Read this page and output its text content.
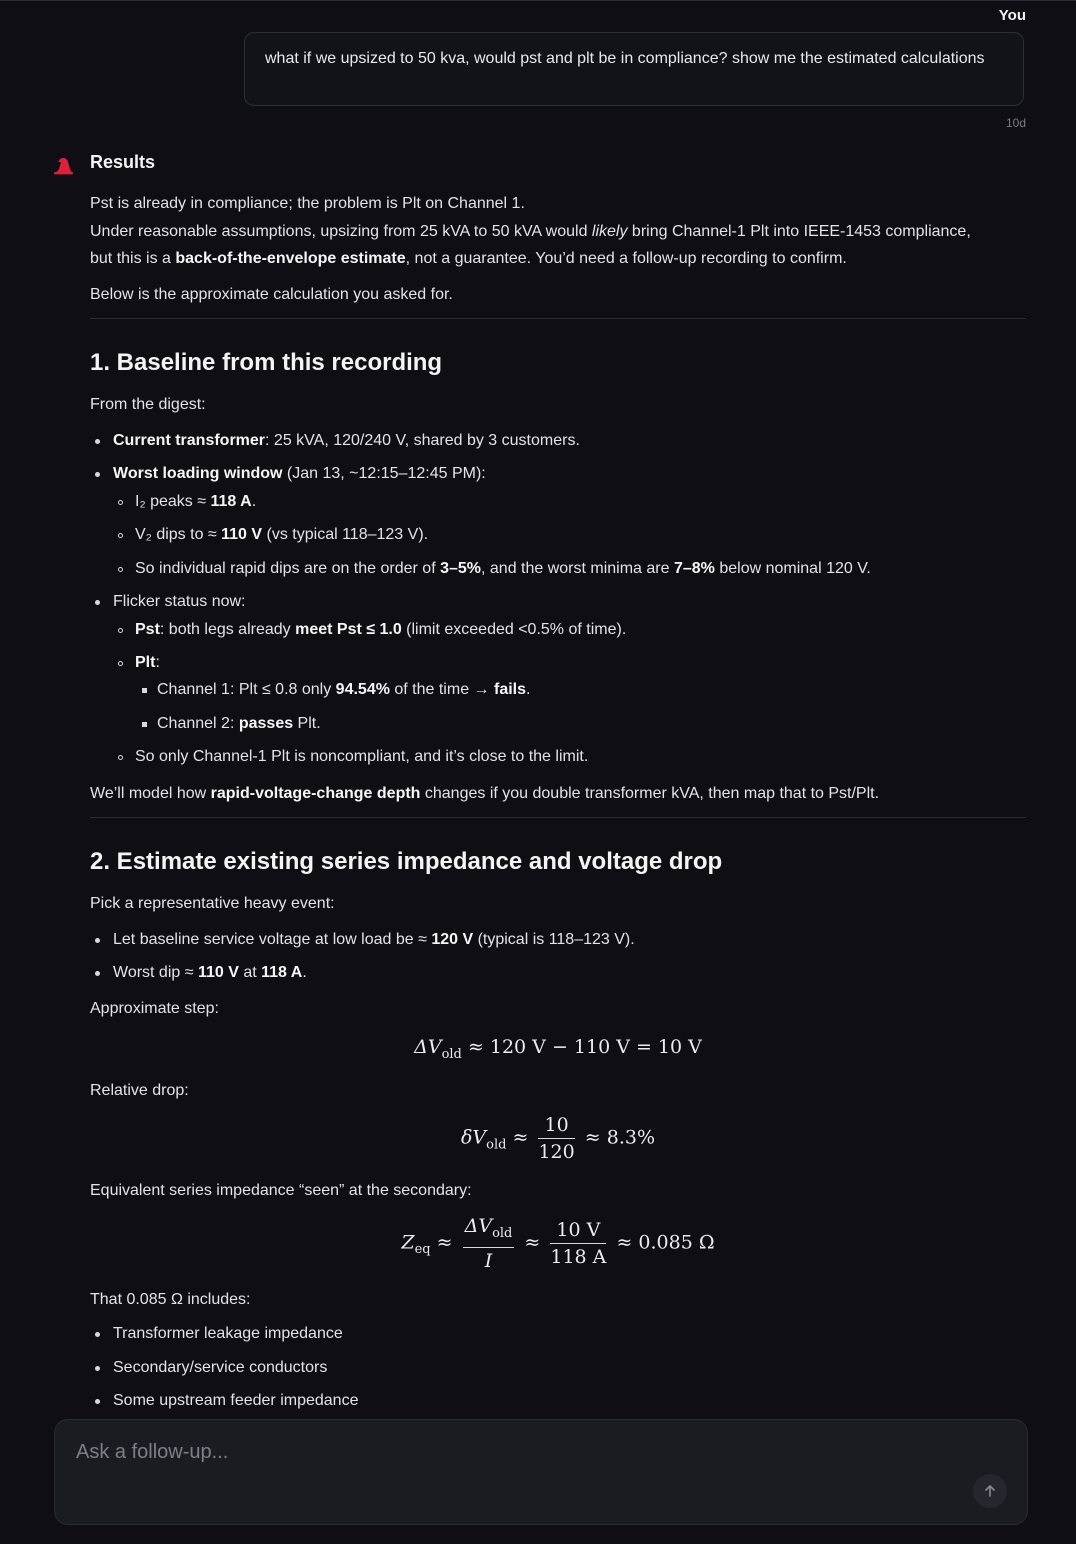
You
what if we upsized to 50 kva, would pst and plt be in compliance? show me the estimated calculations
10d
Results

Pst is already in compliance; the problem is Plt on Channel 1.

Under reasonable assumptions, upsizing from 25 kVA to 50 kVA would likely bring Channel-1 Plt into IEEE-1453 compliance,

but this is a back-of-the-envelope estimate, not a guarantee. You’d need a follow-up recording to confirm.

Below is the approximate calculation you asked for.

1. Baseline from this recording

From the digest:

Current transformer: 25 kVA, 120/240 V, shared by 3 customers.
Worst loading window (Jan 13, ~12:15–12:45 PM):
I₂ peaks ≈ 118 A.
V₂ dips to ≈ 110 V (vs typical 118–123 V).
So individual rapid dips are on the order of 3–5%, and the worst minima are 7–8% below nominal 120 V.
Flicker status now:
Pst: both legs already meet Pst ≤ 1.0 (limit exceeded <0.5% of time).
Plt:
Channel 1: Plt ≤ 0.8 only 94.54% of the time → fails.
Channel 2: passes Plt.
So only Channel-1 Plt is noncompliant, and it’s close to the limit.

We’ll model how rapid-voltage-change depth changes if you double transformer kVA, then map that to Pst/Plt.

2. Estimate existing series impedance and voltage drop

Pick a representative heavy event:

Let baseline service voltage at low load be ≈ 120 V (typical is 118–123 V).
Worst dip ≈ 110 V at 118 A.

Approximate step:

$\Delta V_{old} \approx 120$ V − 110 V = 10 V

Relative drop:

$\delta V_{old} \approx \frac{10}{120} \approx 8.3\%$

Equivalent series impedance “seen” at the secondary:

$Z_{eq} \approx \frac{\Delta V_{old}}{I} \approx \frac{10 V}{118 A} \approx 0.085$ Ω

That 0.085 Ω includes:

Transformer leakage impedance
Secondary/service conductors
Some upstream feeder impedance
Ask a follow-up...
